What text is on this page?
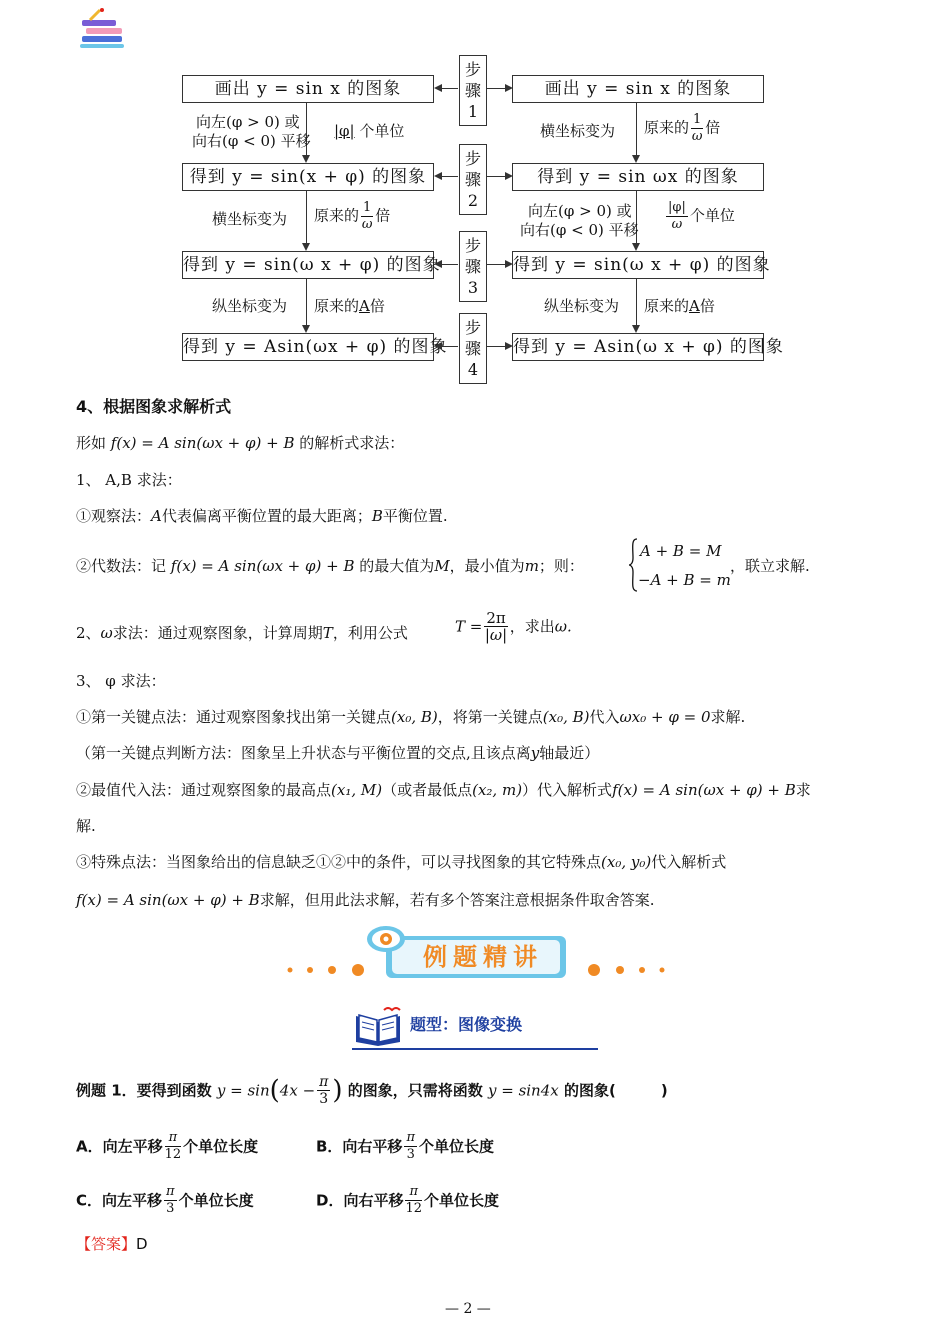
步
骤
1
步
骤
2
步
骤
3
步
骤
4
画出 y = sin x 的图象
得到 y = sin(x + φ) 的图象
得到 y = sin(ω x + φ) 的图象
得到 y = Asin(ωx + φ) 的图象
画出 y = sin x 的图象
得到 y = sin ωx 的图象
得到 y = sin(ω x + φ) 的图象
得到 y = Asin(ω x + φ) 的图象
向左(φ > 0) 或
向右(φ < 0) 平移
|φ| 个单位
横坐标变为 原来的 $\frac{1}{\omega}$ 倍
纵坐标变为 原来的A倍
横坐标变为 原来的 $\frac{1}{\omega}$ 倍
向左(φ > 0) 或
向右(φ < 0) 平移 $\frac{|\varphi|}{\omega}$ 个单位
纵坐标变为 原来的A倍
4、根据图象求解析式
形如 f(x) = A sin(ωx + φ) + B 的解析式求法：
1、 A,B 求法：
①观察法：A代表偏离平衡位置的最大距离；B平衡位置.
②代数法：记 f(x) = A sin(ωx + φ) + B 的最大值为M，最小值为m；则：
A + B = M
−A + B = m
，联立求解.
2、ω求法：通过观察图象，计算周期T，利用公式	$T = \frac{2\pi}{|\omega|}$ ，求出ω.
3、 φ 求法：
①第一关键点法：通过观察图象找出第一关键点(x₀, B)，将第一关键点(x₀, B)代入ωx₀ + φ = 0求解.
（第一关键点判断方法：图象呈上升状态与平衡位置的交点,且该点离y轴最近）
②最值代入法：通过观察图象的最高点(x₁, M)（或者最低点(x₂, m)）代入解析式f(x) = A sin(ωx + φ) + B求
解.
③特殊点法：当图象给出的信息缺乏①②中的条件，可以寻找图象的其它特殊点(x₀, y₀)代入解析式
f(x) = A sin(ωx + φ) + B求解，但用此法求解，若有多个答案注意根据条件取舍答案.
例题精讲
题型：图像变换
例题 1．要得到函数 $y = \sin(4x - \frac{\pi}{3}$ ) 的图象，只需将函数 y = sin4x 的图象(　　　)
A．向左平移 $\frac{\pi}{12}$ 个单位长度	B．向右平移 $\frac{\pi}{3}$ 个单位长度
C．向左平移 $\frac{\pi}{3}$ 个单位长度	D．向右平移 $\frac{\pi}{12}$ 个单位长度
【答案】D
— 2 —
